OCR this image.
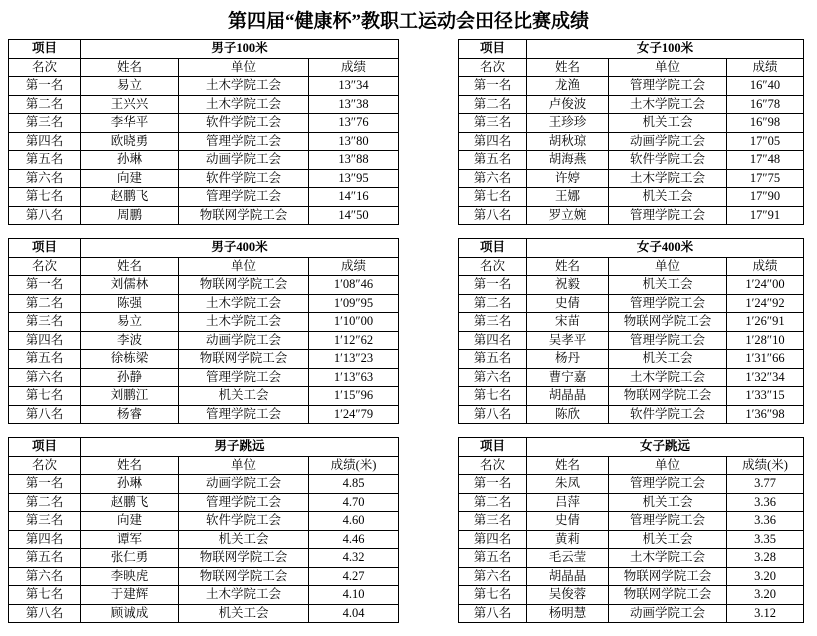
第四届“健康杯”教职工运动会田径比赛成绩
项目	男子100米		
名次	姓名	单位	成绩
第一名	易立	土木学院工会	13″34
第二名	王兴兴	土木学院工会	13″38
第三名	李华平	软件学院工会	13″76
第四名	欧晓勇	管理学院工会	13″80
第五名	孙琳	动画学院工会	13″88
第六名	向建	软件学院工会	13″95
第七名	赵鹏飞	管理学院工会	14″16
第八名	周鹏	物联网学院工会	14″50
项目	男子400米		
名次	姓名	单位	成绩
第一名	刘儒林	物联网学院工会	1′08″46
第二名	陈强	土木学院工会	1′09″95
第三名	易立	土木学院工会	1′10″00
第四名	李波	动画学院工会	1′12″62
第五名	徐栋梁	物联网学院工会	1′13″23
第六名	孙静	管理学院工会	1′13″63
第七名	刘鹏江	机关工会	1′15″96
第八名	杨睿	管理学院工会	1′24″79
项目	男子跳远		
名次	姓名	单位	成绩(米)
第一名	孙琳	动画学院工会	4.85
第二名	赵鹏飞	管理学院工会	4.70
第三名	向建	软件学院工会	4.60
第四名	谭军	机关工会	4.46
第五名	张仁勇	物联网学院工会	4.32
第六名	李映虎	物联网学院工会	4.27
第七名	于建辉	土木学院工会	4.10
第八名	顾诚成	机关工会	4.04
项目	女子100米		
名次	姓名	单位	成绩
第一名	龙渔	管理学院工会	16″40
第二名	卢俊波	土木学院工会	16″78
第三名	王珍珍	机关工会	16″98
第四名	胡秋琼	动画学院工会	17″05
第五名	胡海燕	软件学院工会	17″48
第六名	许婷	土木学院工会	17″75
第七名	王娜	机关工会	17″90
第八名	罗立婉	管理学院工会	17″91
项目	女子400米		
名次	姓名	单位	成绩
第一名	祝毅	机关工会	1′24″00
第二名	史倩	管理学院工会	1′24″92
第三名	宋苗	物联网学院工会	1′26″91
第四名	吴孝平	管理学院工会	1′28″10
第五名	杨丹	机关工会	1′31″66
第六名	曹宁嘉	土木学院工会	1′32″34
第七名	胡晶晶	物联网学院工会	1′33″15
第八名	陈欣	软件学院工会	1′36″98
项目	女子跳远		
名次	姓名	单位	成绩(米)
第一名	朱凤	管理学院工会	3.77
第二名	吕萍	机关工会	3.36
第三名	史倩	管理学院工会	3.36
第四名	黄莉	机关工会	3.35
第五名	毛云莹	土木学院工会	3.28
第六名	胡晶晶	物联网学院工会	3.20
第七名	吴俊蓉	物联网学院工会	3.20
第八名	杨明慧	动画学院工会	3.12
